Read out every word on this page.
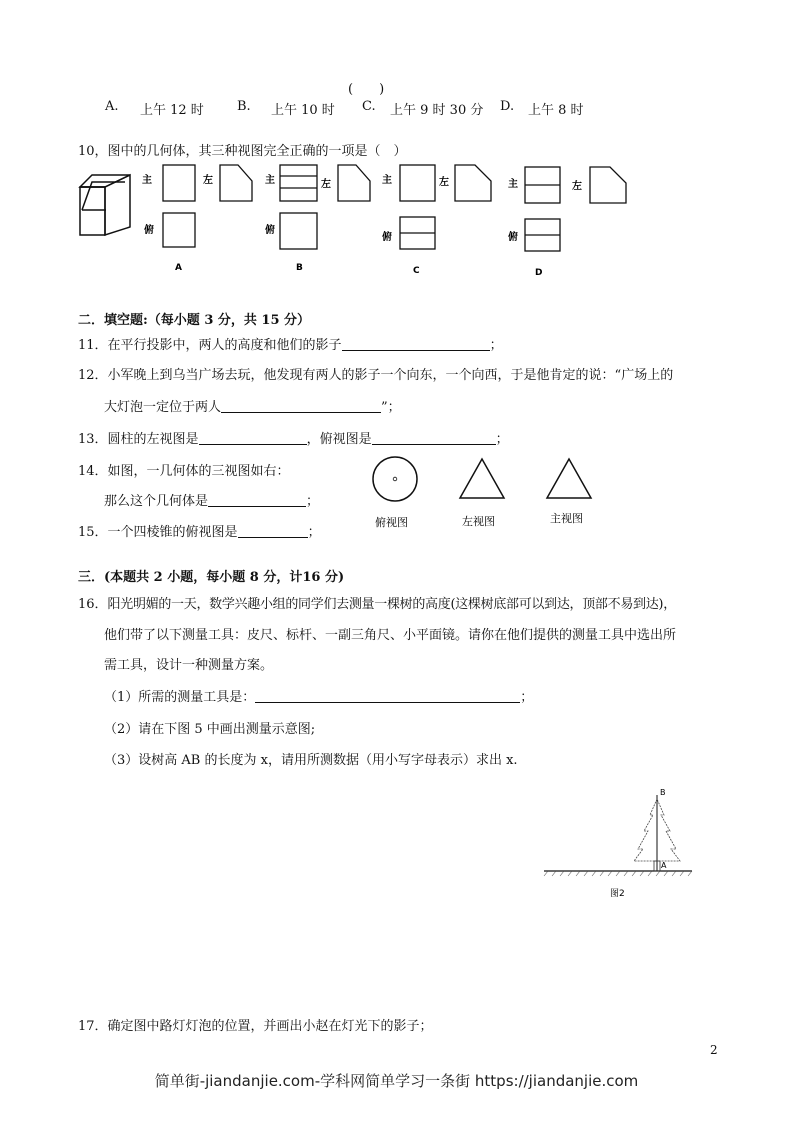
(　　)
A. 上午 12 时	B. 上午 10 时 C. 上午 9 时 30 分 D. 上午 8 时
10，图中的几何体，其三种视图完全正确的一项是（　）
主	左
俯
A
主	左
俯
B
主	左
俯
C
主	左
俯
D
二．填空题:（每小题 3 分，共 15 分）
11．在平行投影中，两人的高度和他们的影子	；
12．小军晚上到乌当广场去玩，他发现有两人的影子一个向东，一个向西，于是他肯定的说：“广场上的
大灯泡一定位于两人	”；
13．圆柱的左视图是	，俯视图是	；
14．如图，一几何体的三视图如右：
那么这个几何体是	；
15．一个四棱锥的俯视图是	；
俯视图	左视图	主视图
三．(本题共 2 小题，每小题 8 分，计16 分)
16．阳光明媚的一天，数学兴趣小组的同学们去测量一棵树的高度(这棵树底部可以到达，顶部不易到达)，
他们带了以下测量工具：皮尺、标杆、一副三角尺、小平面镜。请你在他们提供的测量工具中选出所
需工具，设计一种测量方案。
（1）所需的测量工具是：	；
（2）请在下图 5 中画出测量示意图;
（3）设树高 AB 的长度为 x，请用所测数据（用小写字母表示）求出 x.
B
A
图2
17．确定图中路灯灯泡的位置，并画出小赵在灯光下的影子；
2
简单街-jiandanjie.com-学科网简单学习一条街 https://jiandanjie.com
